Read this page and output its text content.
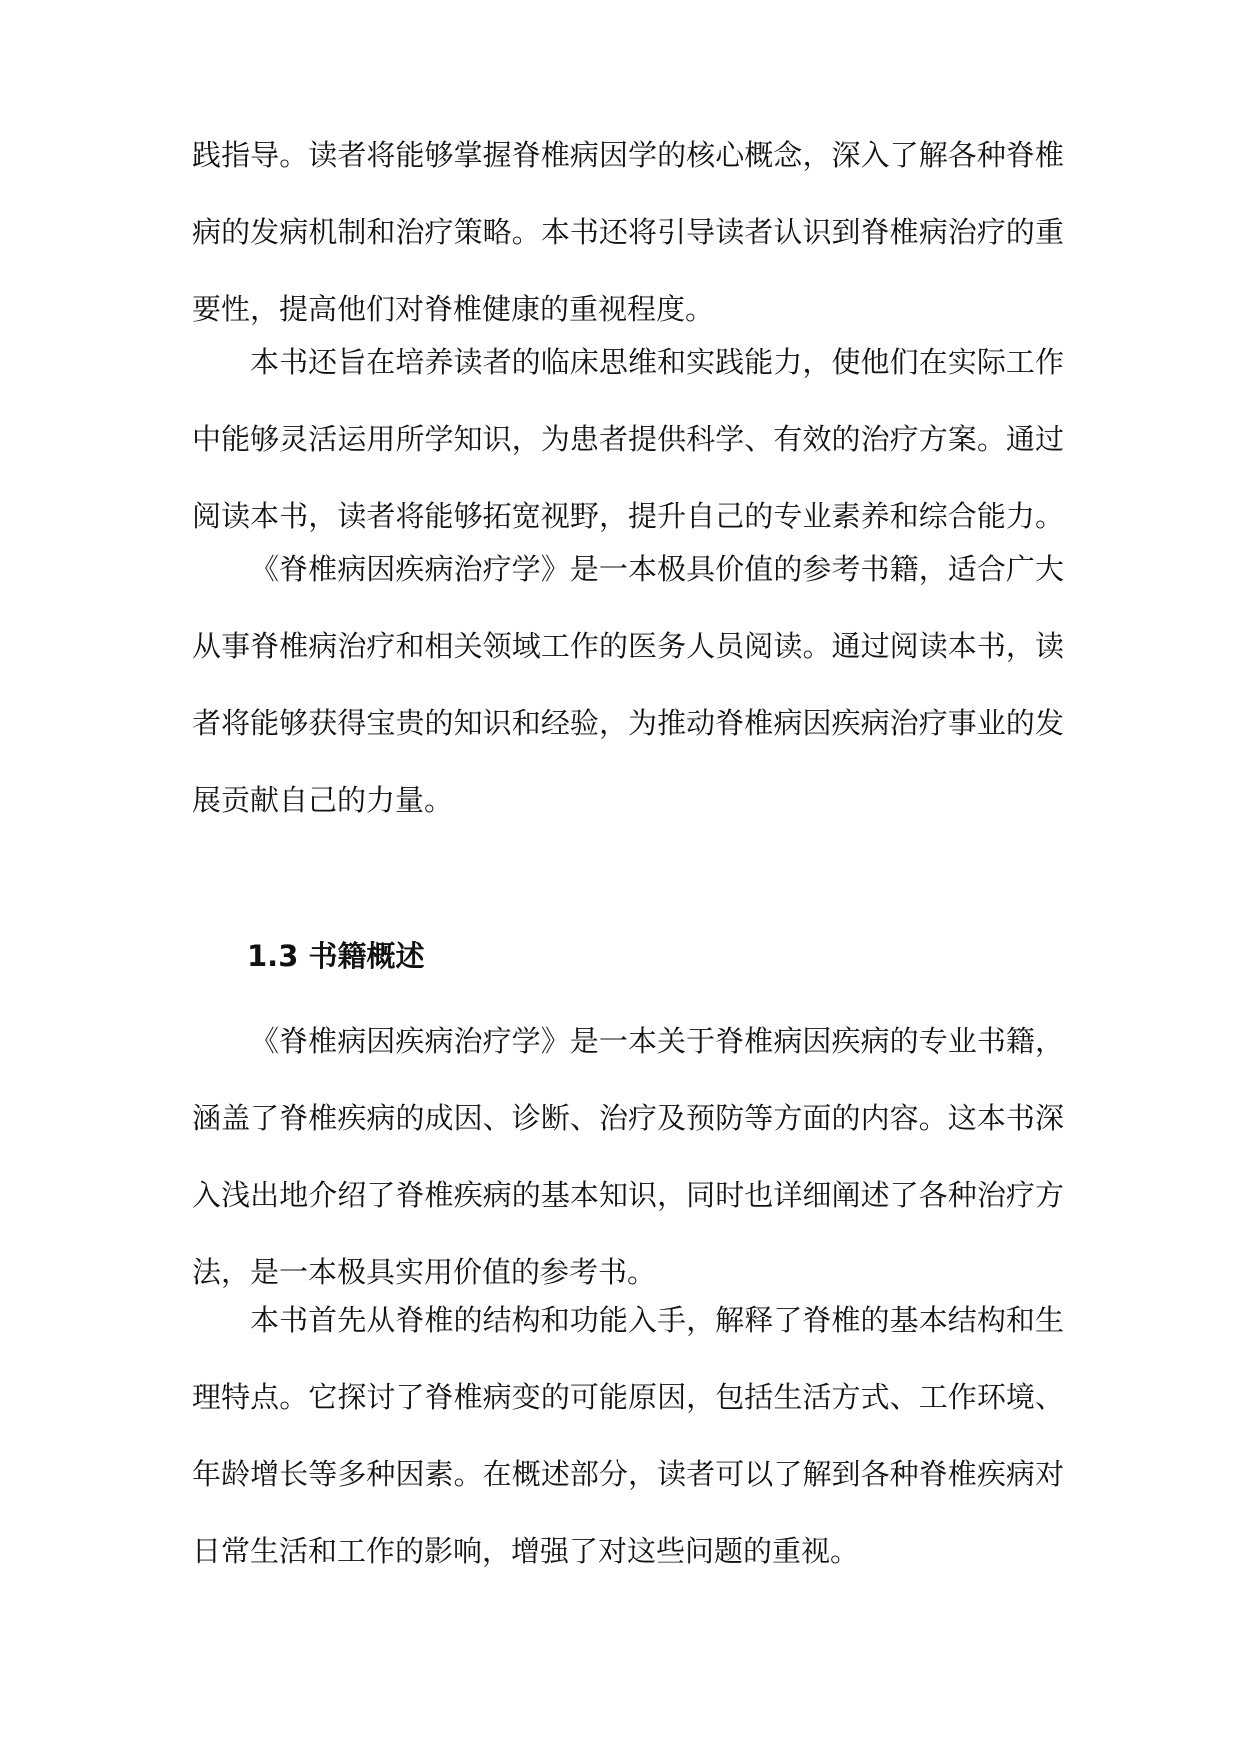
践指导。读者将能够掌握脊椎病因学的核心概念，深入了解各种脊椎
病的发病机制和治疗策略。本书还将引导读者认识到脊椎病治疗的重
要性，提高他们对脊椎健康的重视程度。
本书还旨在培养读者的临床思维和实践能力，使他们在实际工作
中能够灵活运用所学知识，为患者提供科学、有效的治疗方案。通过
阅读本书，读者将能够拓宽视野，提升自己的专业素养和综合能力。
《脊椎病因疾病治疗学》是一本极具价值的参考书籍，适合广大
从事脊椎病治疗和相关领域工作的医务人员阅读。通过阅读本书，读
者将能够获得宝贵的知识和经验，为推动脊椎病因疾病治疗事业的发
展贡献自己的力量。
1.3 书籍概述
《脊椎病因疾病治疗学》是一本关于脊椎病因疾病的专业书籍，
涵盖了脊椎疾病的成因、诊断、治疗及预防等方面的内容。这本书深
入浅出地介绍了脊椎疾病的基本知识，同时也详细阐述了各种治疗方
法，是一本极具实用价值的参考书。
本书首先从脊椎的结构和功能入手，解释了脊椎的基本结构和生
理特点。它探讨了脊椎病变的可能原因，包括生活方式、工作环境、
年龄增长等多种因素。在概述部分，读者可以了解到各种脊椎疾病对
日常生活和工作的影响，增强了对这些问题的重视。
